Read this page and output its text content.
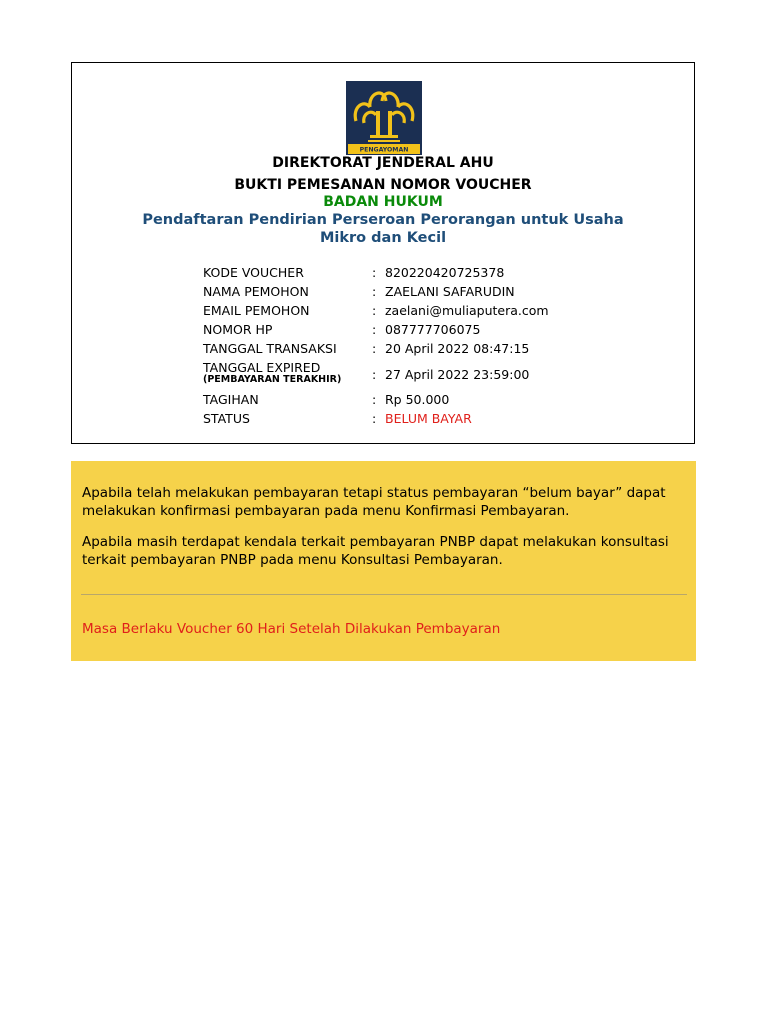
PENGAYOMAN
DIREKTORAT JENDERAL AHU
BUKTI PEMESANAN NOMOR VOUCHER
BADAN HUKUM
Pendaftaran Pendirian Perseroan Perorangan untuk Usaha Mikro dan Kecil
KODE VOUCHER	: 820220420725378
NAMA PEMOHON	: ZAELANI SAFARUDIN
EMAIL PEMOHON	: zaelani@muliaputera.com
NOMOR HP	: 087777706075
TANGGAL TRANSAKSI	: 20 April 2022 08:47:15
TANGGAL EXPIRED
(PEMBAYARAN TERAKHIR) : 27 April 2022 23:59:00
TAGIHAN	: Rp 50.000
STATUS	: BELUM BAYAR
Apabila telah melakukan pembayaran tetapi status pembayaran “belum bayar” dapat melakukan konfirmasi pembayaran pada menu Konfirmasi Pembayaran.
Apabila masih terdapat kendala terkait pembayaran PNBP dapat melakukan konsultasi terkait pembayaran PNBP pada menu Konsultasi Pembayaran.
Masa Berlaku Voucher 60 Hari Setelah Dilakukan Pembayaran
